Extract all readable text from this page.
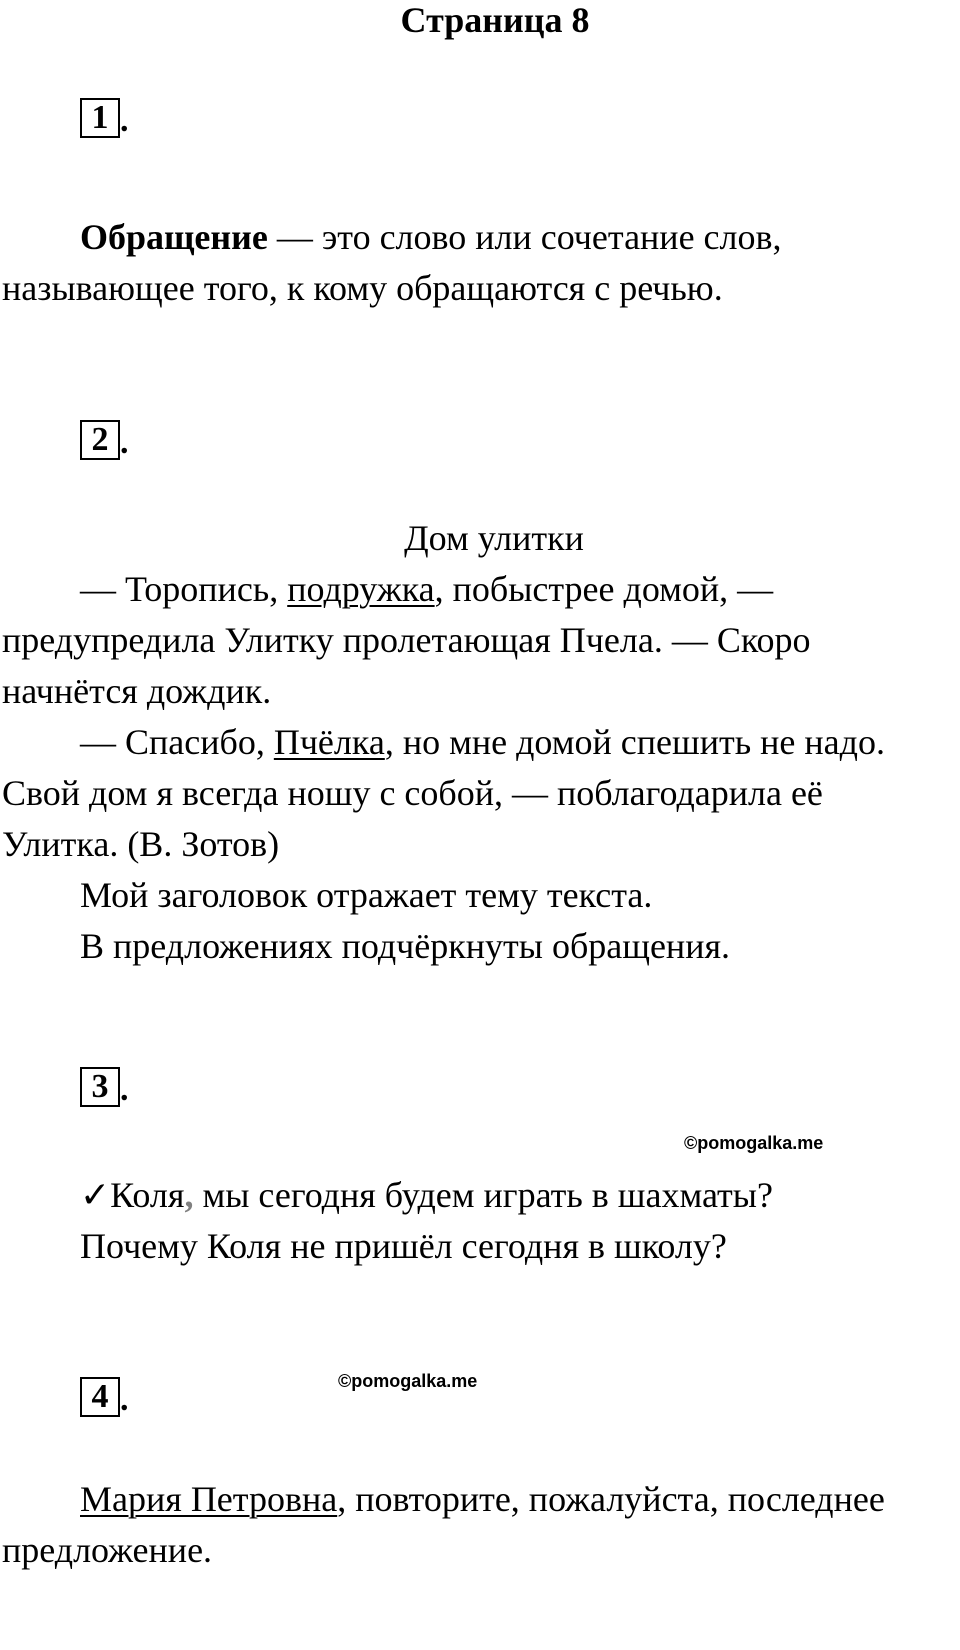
Страница 8
1 .
Обращение — это слово или сочетание слов,
называющее того, к кому обращаются с речью.
2 .
Дом улитки
— Торопись, подружка, побыстрее домой, —
предупредила Улитку пролетающая Пчела. — Скоро
начнётся дождик.
— Спасибо, Пчёлка, но мне домой спешить не надо.
Свой дом я всегда ношу с собой, — поблагодарила её
Улитка. (В. Зотов)
Мой заголовок отражает тему текста.
В предложениях подчёркнуты обращения.
3 .
©pomogalka.me
✓Коля, мы сегодня будем играть в шахматы?
Почему Коля не пришёл сегодня в школу?
©pomogalka.me
4 .
Мария Петровна, повторите, пожалуйста, последнее
предложение.
